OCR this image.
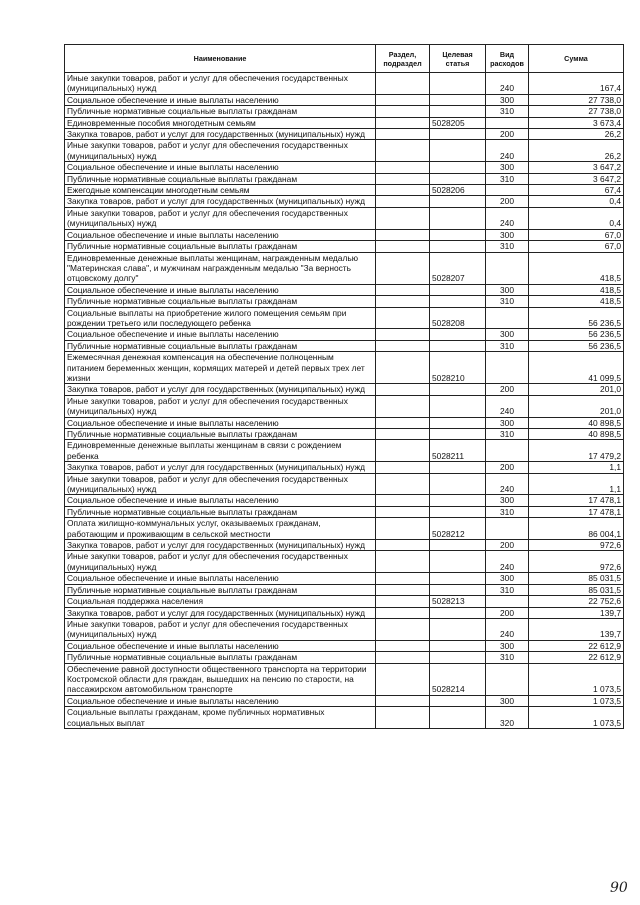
Наименование	Раздел, подраздел	Целевая статья	Вид расходов	Сумма
Иные закупки товаров, работ и услуг для обеспечения государственных (муниципальных) нужд			240	167,4
Социальное обеспечение и иные выплаты населению			300	27 738,0
Публичные нормативные социальные выплаты гражданам			310	27 738,0
Единовременные пособия многодетным семьям		5028205		3 673,4
Закупка товаров, работ и услуг для государственных (муниципальных) нужд			200	26,2
Иные закупки товаров, работ и услуг для обеспечения государственных (муниципальных) нужд			240	26,2
Социальное обеспечение и иные выплаты населению			300	3 647,2
Публичные нормативные социальные выплаты гражданам			310	3 647,2
Ежегодные компенсации многодетным семьям		5028206		67,4
Закупка товаров, работ и услуг для государственных (муниципальных) нужд			200	0,4
Иные закупки товаров, работ и услуг для обеспечения государственных (муниципальных) нужд			240	0,4
Социальное обеспечение и иные выплаты населению			300	67,0
Публичные нормативные социальные выплаты гражданам			310	67,0
Единовременные денежные выплаты женщинам, награжденным медалью "Материнская слава", и мужчинам награжденным медалью "За верность отцовскому долгу"		5028207		418,5
Социальное обеспечение и иные выплаты населению			300	418,5
Публичные нормативные социальные выплаты гражданам			310	418,5
Социальные выплаты на приобретение жилого помещения семьям при рождении третьего или последующего ребенка		5028208		56 236,5
Социальное обеспечение и иные выплаты населению			300	56 236,5
Публичные нормативные социальные выплаты гражданам			310	56 236,5
Ежемесячная денежная компенсация на обеспечение полноценным питанием беременных женщин, кормящих матерей и детей первых трех лет жизни		5028210		41 099,5
Закупка товаров, работ и услуг для государственных (муниципальных) нужд			200	201,0
Иные закупки товаров, работ и услуг для обеспечения государственных (муниципальных) нужд			240	201,0
Социальное обеспечение и иные выплаты населению			300	40 898,5
Публичные нормативные социальные выплаты гражданам			310	40 898,5
Единовременные денежные выплаты женщинам в связи с рождением ребенка		5028211		17 479,2
Закупка товаров, работ и услуг для государственных (муниципальных) нужд			200	1,1
Иные закупки товаров, работ и услуг для обеспечения государственных (муниципальных) нужд			240	1,1
Социальное обеспечение и иные выплаты населению			300	17 478,1
Публичные нормативные социальные выплаты гражданам			310	17 478,1
Оплата жилищно-коммунальных услуг, оказываемых гражданам, работающим и проживающим в сельской местности		5028212		86 004,1
Закупка товаров, работ и услуг для государственных (муниципальных) нужд			200	972,6
Иные закупки товаров, работ и услуг для обеспечения государственных (муниципальных) нужд			240	972,6
Социальное обеспечение и иные выплаты населению			300	85 031,5
Публичные нормативные социальные выплаты гражданам			310	85 031,5
Социальная поддержка населения		5028213		22 752,6
Закупка товаров, работ и услуг для государственных (муниципальных) нужд			200	139,7
Иные закупки товаров, работ и услуг для обеспечения государственных (муниципальных) нужд			240	139,7
Социальное обеспечение и иные выплаты населению			300	22 612,9
Публичные нормативные социальные выплаты гражданам			310	22 612,9
Обеспечение равной доступности общественного транспорта на территории Костромской области для граждан, вышедших на пенсию по старости, на пассажирском автомобильном транспорте		5028214		1 073,5
Социальное обеспечение и иные выплаты населению			300	1 073,5
Социальные выплаты гражданам, кроме публичных нормативных социальных выплат			320	1 073,5
90
